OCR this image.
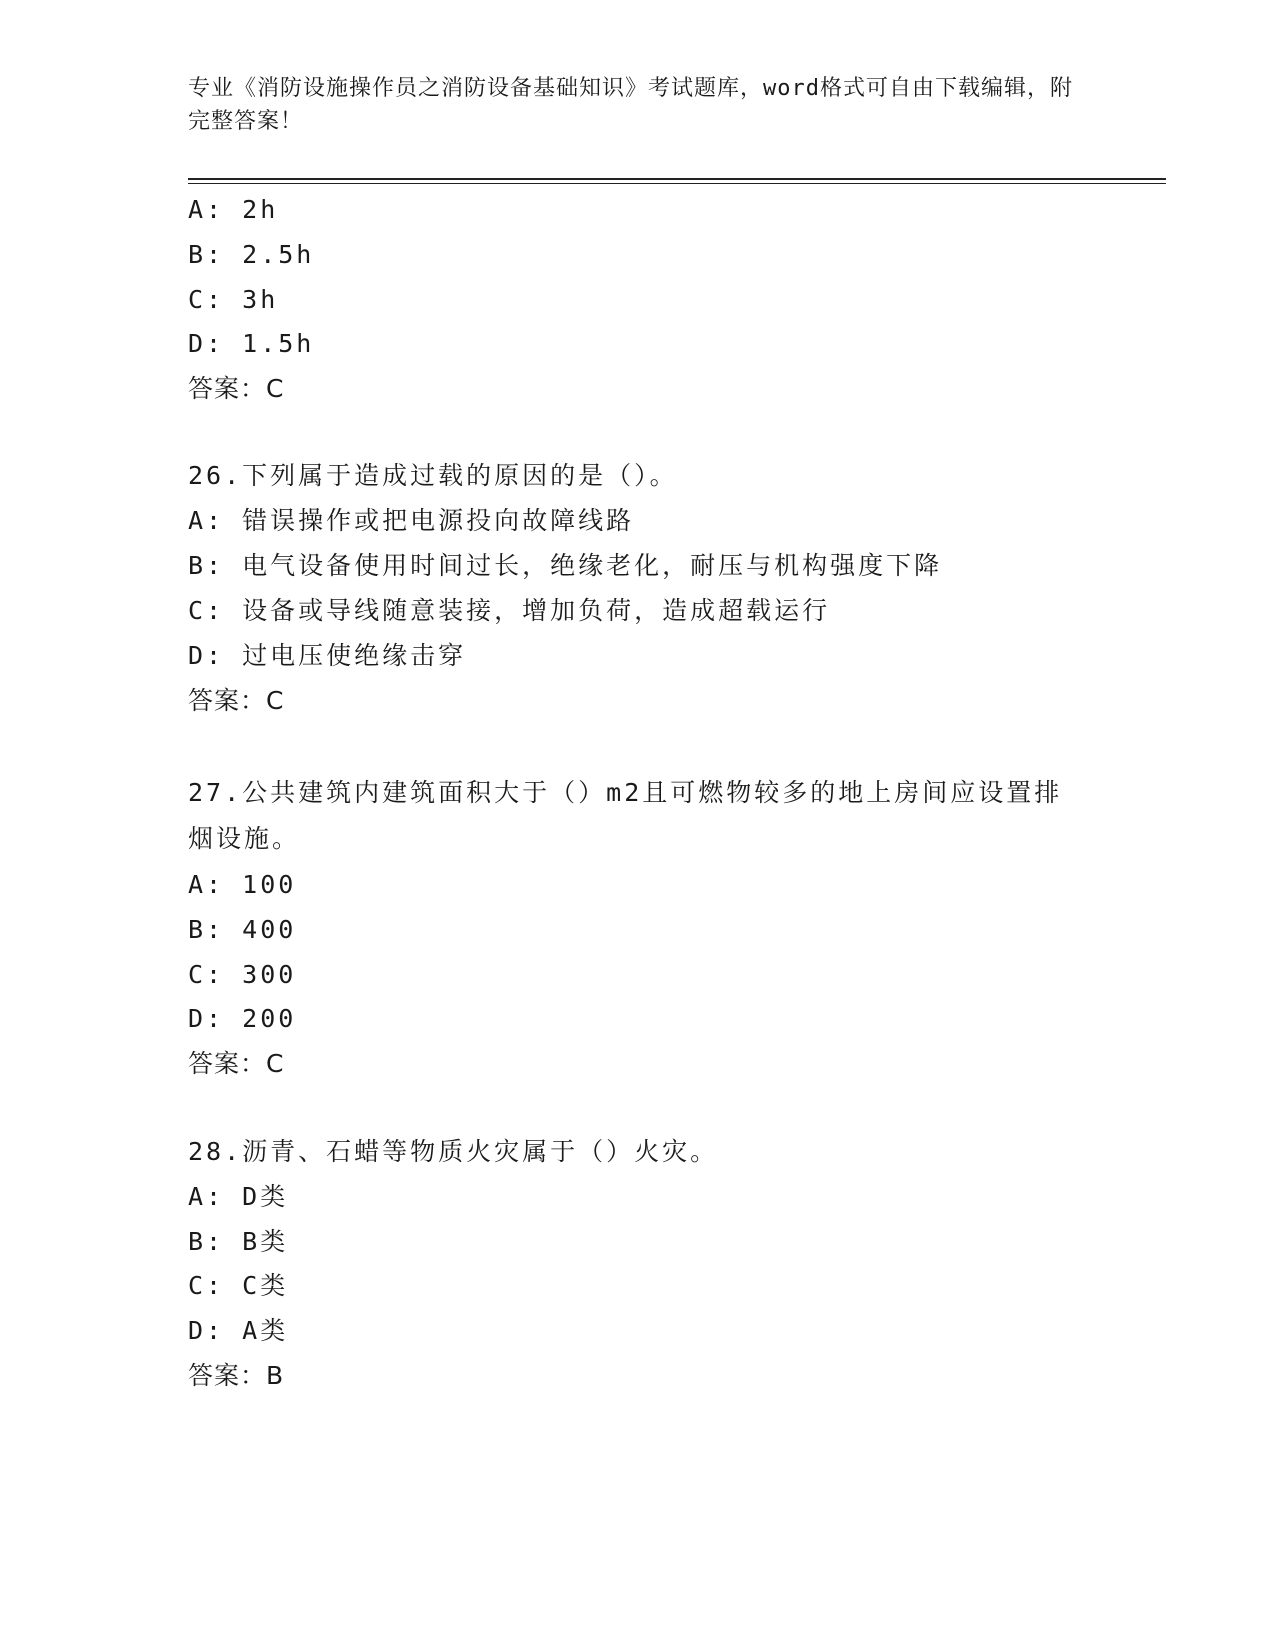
专业《消防设施操作员之消防设备基础知识》考试题库，word格式可自由下载编辑，附完整答案！
A: 2h
B: 2.5h
C: 3h
D: 1.5h
答案：C
26.下列属于造成过载的原因的是（）。
A: 错误操作或把电源投向故障线路
B: 电气设备使用时间过长，绝缘老化，耐压与机构强度下降
C: 设备或导线随意装接，增加负荷，造成超载运行
D: 过电压使绝缘击穿
答案：C
27.公共建筑内建筑面积大于（）m2且可燃物较多的地上房间应设置排烟设施。
A: 100
B: 400
C: 300
D: 200
答案：C
28.沥青、石蜡等物质火灾属于（）火灾。
A: D类
B: B类
C: C类
D: A类
答案：B
